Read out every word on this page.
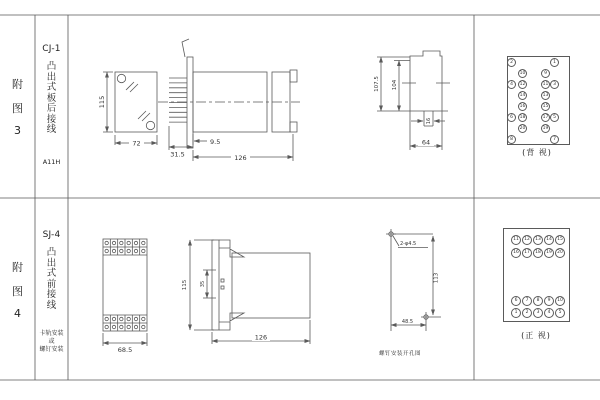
115
72	9.5
31.5	126
107.5 104
16
64
68.5
115 35
126
2-φ4.5
113
48.5
附
图
3
附
图
4
CJ-1
凸
出
式
板
后
接
线
A11H
SJ-4
凸
出
式
前
接
线
卡轨安装
或
螺钉安装
2	1
10	9
4	12	11	3
14	13
16	15
6	18	17	5
20	19
8	7
(背 视)
11	12	13	14	15
16	17	18	19	20
6	7	8	9	10
1	2	3	4	5
(正 视)
螺钉安装开孔图
